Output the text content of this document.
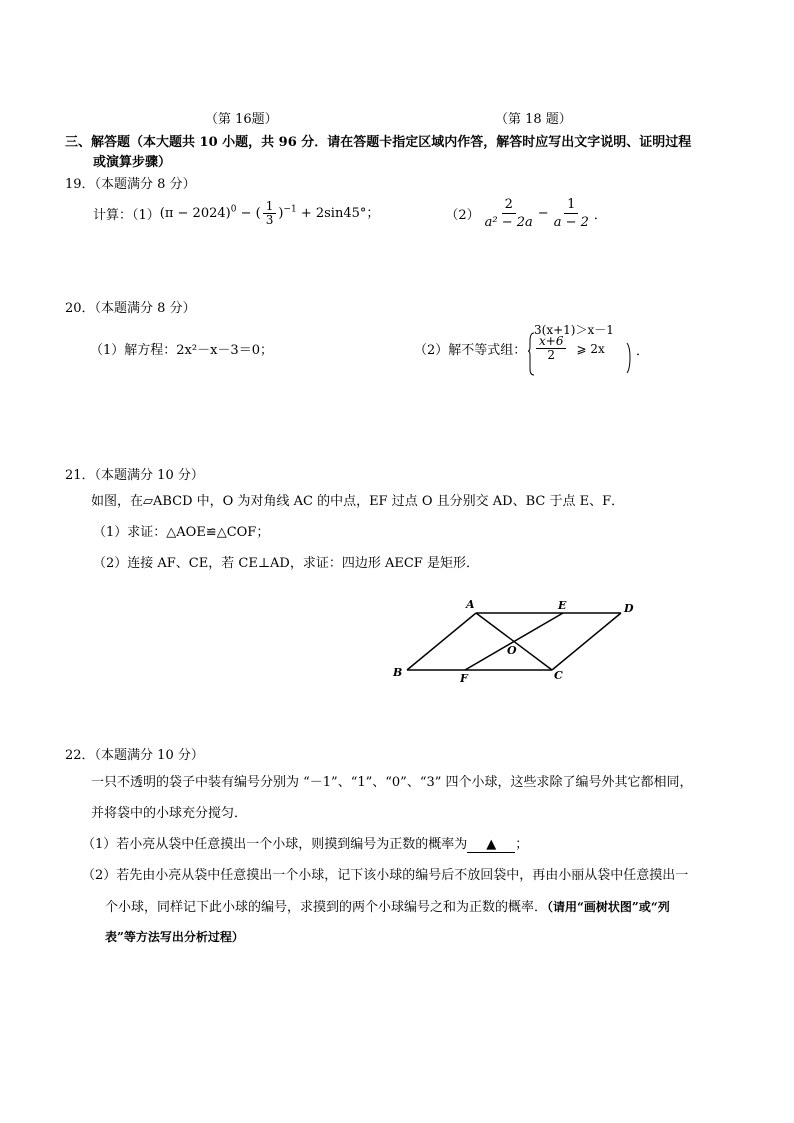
（第 16题）	（第 18 题）
三、解答题（本大题共 10 小题，共 96 分．请在答题卡指定区域内作答，解答时应写出文字说明、证明过程
或演算步骤）
19．（本题满分 8 分）
计算：（1） $(\pi - 2024)^0$ − ( $\frac{1}{3} )^{-1} + 2\sin 45^\circ$；	$(2) \frac{2}{\text{a² − 2a}} - \frac{1}{a - 2}$ ．
20．（本题满分 8 分）
（1）解方程：2x²－x－3＝0；	（2）解不等式组：
3(x+1)＞x－1
$\frac{x+6}{2}$ ⩾ 2x ．
21．（本题满分 10 分）
如图，在▱ABCD 中，O 为对角线 AC 的中点，EF 过点 O 且分别交 AD、BC 于点 E、F．
（1）求证：△AOE≌△COF；
（2）连接 AF、CE，若 CE⊥AD，求证：四边形 AECF 是矩形．
A	E	D
O
B	F	C
22．（本题满分 10 分）
一只不透明的袋子中装有编号分别为 “－1”、“1”、“0”、“3” 四个小球，这些求除了编号外其它都相同，
并将袋中的小球充分搅匀．
（1）若小亮从袋中任意摸出一个小球，则摸到编号为正数的概率为 ▲ ；
（2）若先由小亮从袋中任意摸出一个小球，记下该小球的编号后不放回袋中，再由小丽从袋中任意摸出一
个小球，同样记下此小球的编号，求摸到的两个小球编号之和为正数的概率．（请用“画树状图”或“列
表”等方法写出分析过程）
